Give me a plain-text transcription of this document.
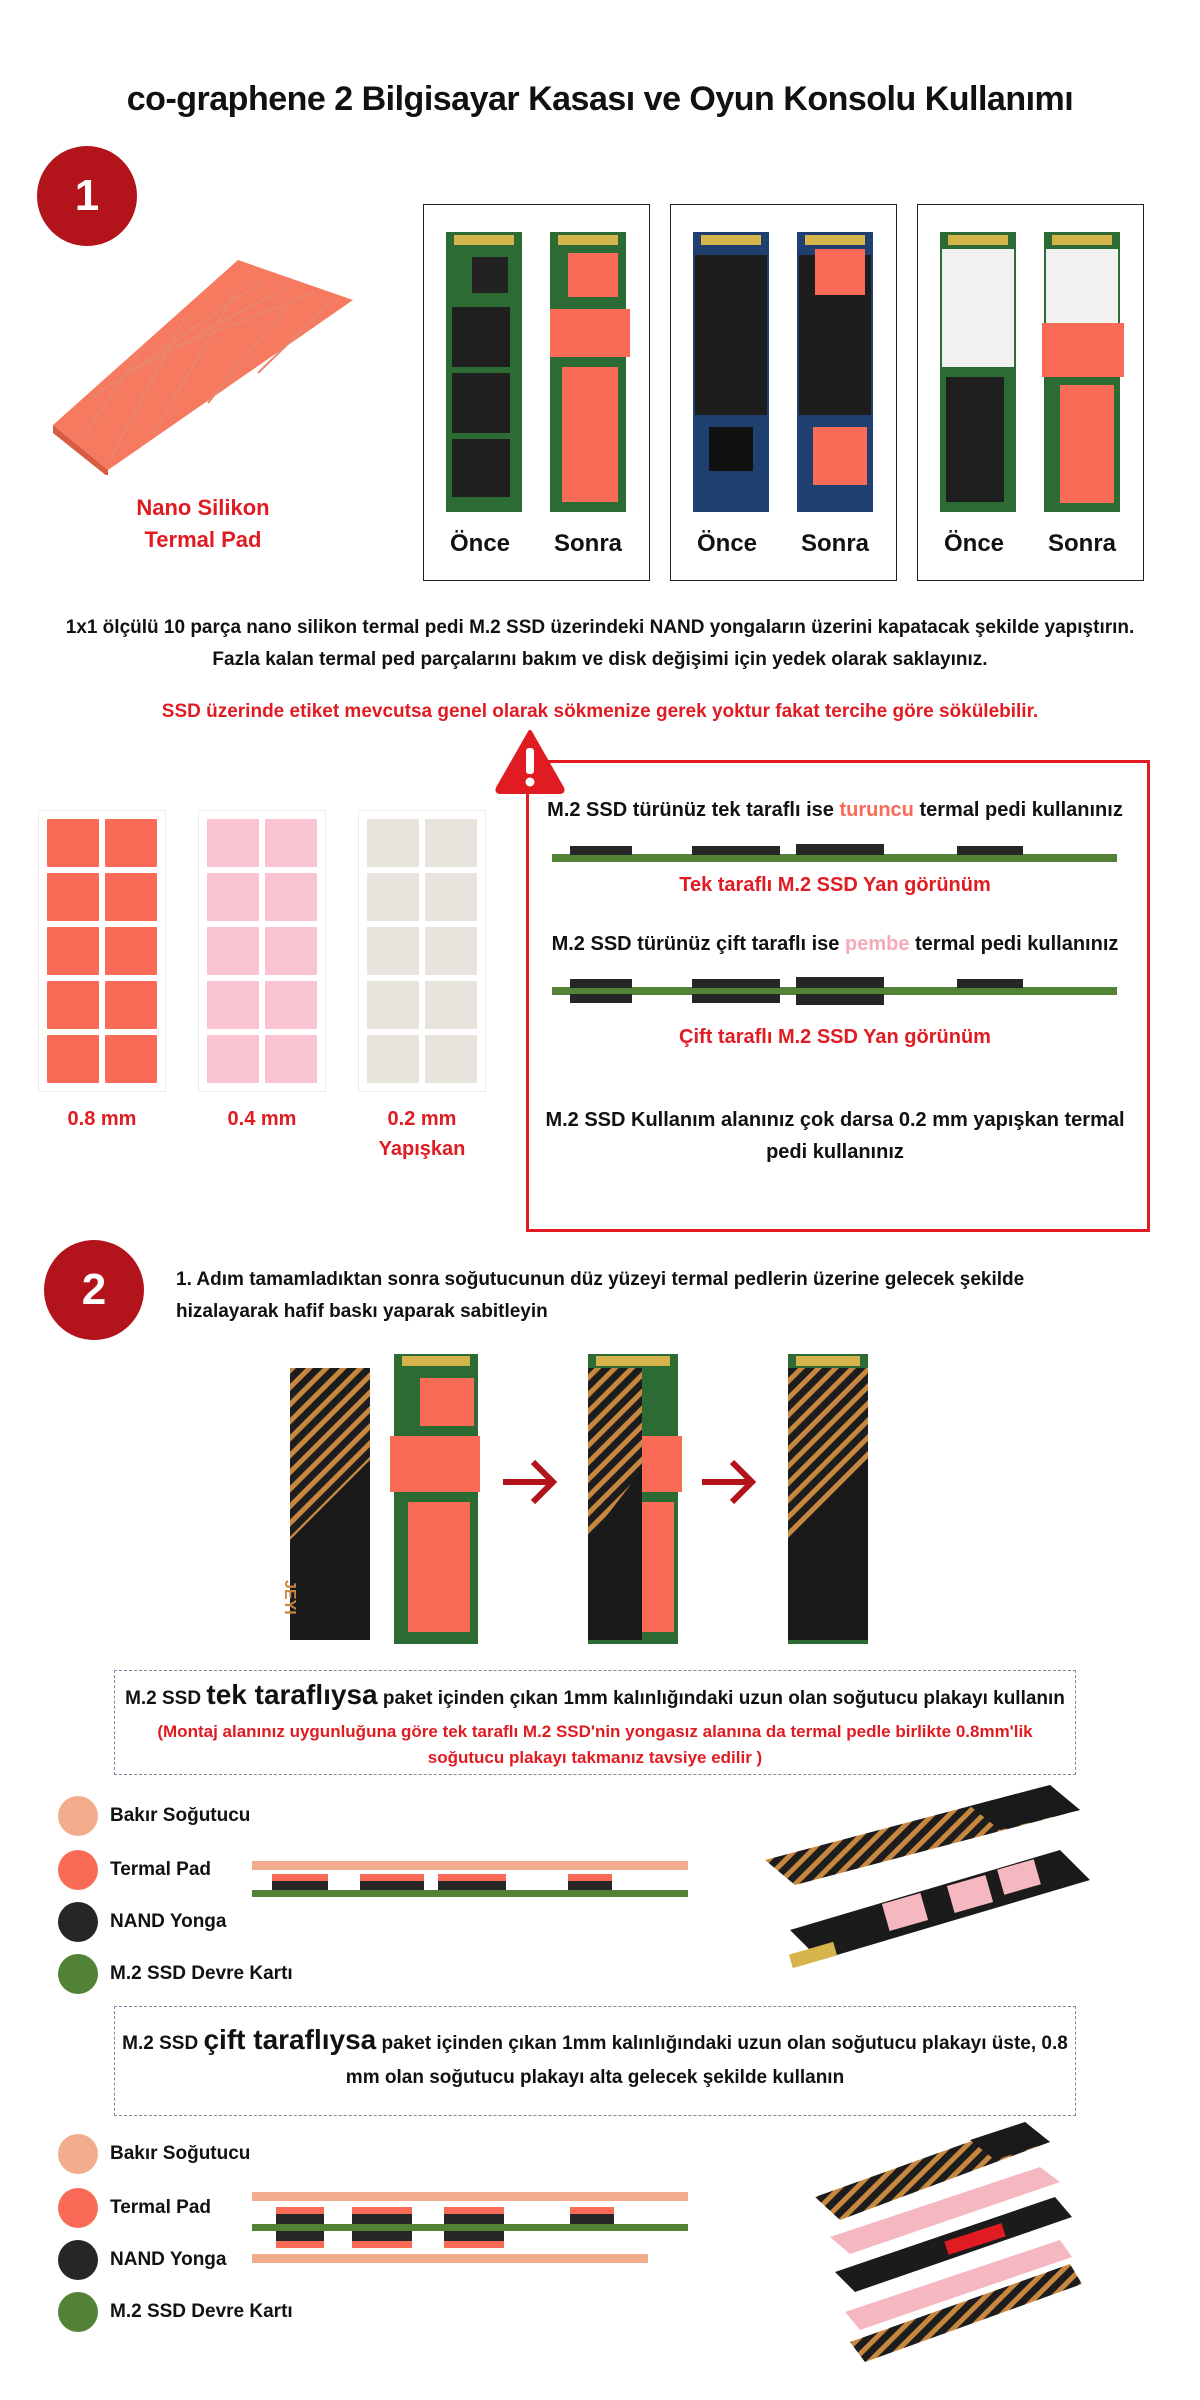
co-graphene 2 Bilgisayar Kasası ve Oyun Konsolu Kullanımı
1
Nano Silikon
Termal Pad	Önce Sonra	Önce Sonra	Önce Sonra
1x1 ölçülü 10 parça nano silikon termal pedi M.2 SSD üzerindeki NAND yongaların üzerini kapatacak şekilde yapıştırın.
Fazla kalan termal ped parçalarını bakım ve disk değişimi için yedek olarak saklayınız.
SSD üzerinde etiket mevcutsa genel olarak sökmenize gerek yoktur fakat tercihe göre sökülebilir.
0.8 mm	0.4 mm	0.2 mm
Yapışkan
M.2 SSD türünüz tek taraflı ise turuncu termal pedi kullanınız
Tek taraflı M.2 SSD Yan görünüm
M.2 SSD türünüz çift taraflı ise pembe termal pedi kullanınız
Çift taraflı M.2 SSD Yan görünüm
M.2 SSD Kullanım alanınız çok darsa 0.2 mm yapışkan termal
pedi kullanınız
2	1. Adım tamamladıktan sonra soğutucunun düz yüzeyi termal pedlerin üzerine gelecek şekilde
hizalayarak hafif baskı yaparak sabitleyin
JEYI
M.2 SSD tek taraflıysa paket içinden çıkan 1mm kalınlığındaki uzun olan soğutucu plakayı kullanın
(Montaj alanınız uygunluğuna göre tek taraflı M.2 SSD'nin yongasız alanına da termal pedle birlikte 0.8mm'lik
soğutucu plakayı takmanız tavsiye edilir )
Bakır Soğutucu
Termal Pad
NAND Yonga
M.2 SSD Devre Kartı
M.2 SSD çift taraflıysa paket içinden çıkan 1mm kalınlığındaki uzun olan soğutucu plakayı üste, 0.8
mm olan soğutucu plakayı alta gelecek şekilde kullanın
Bakır Soğutucu
Termal Pad
NAND Yonga
M.2 SSD Devre Kartı
